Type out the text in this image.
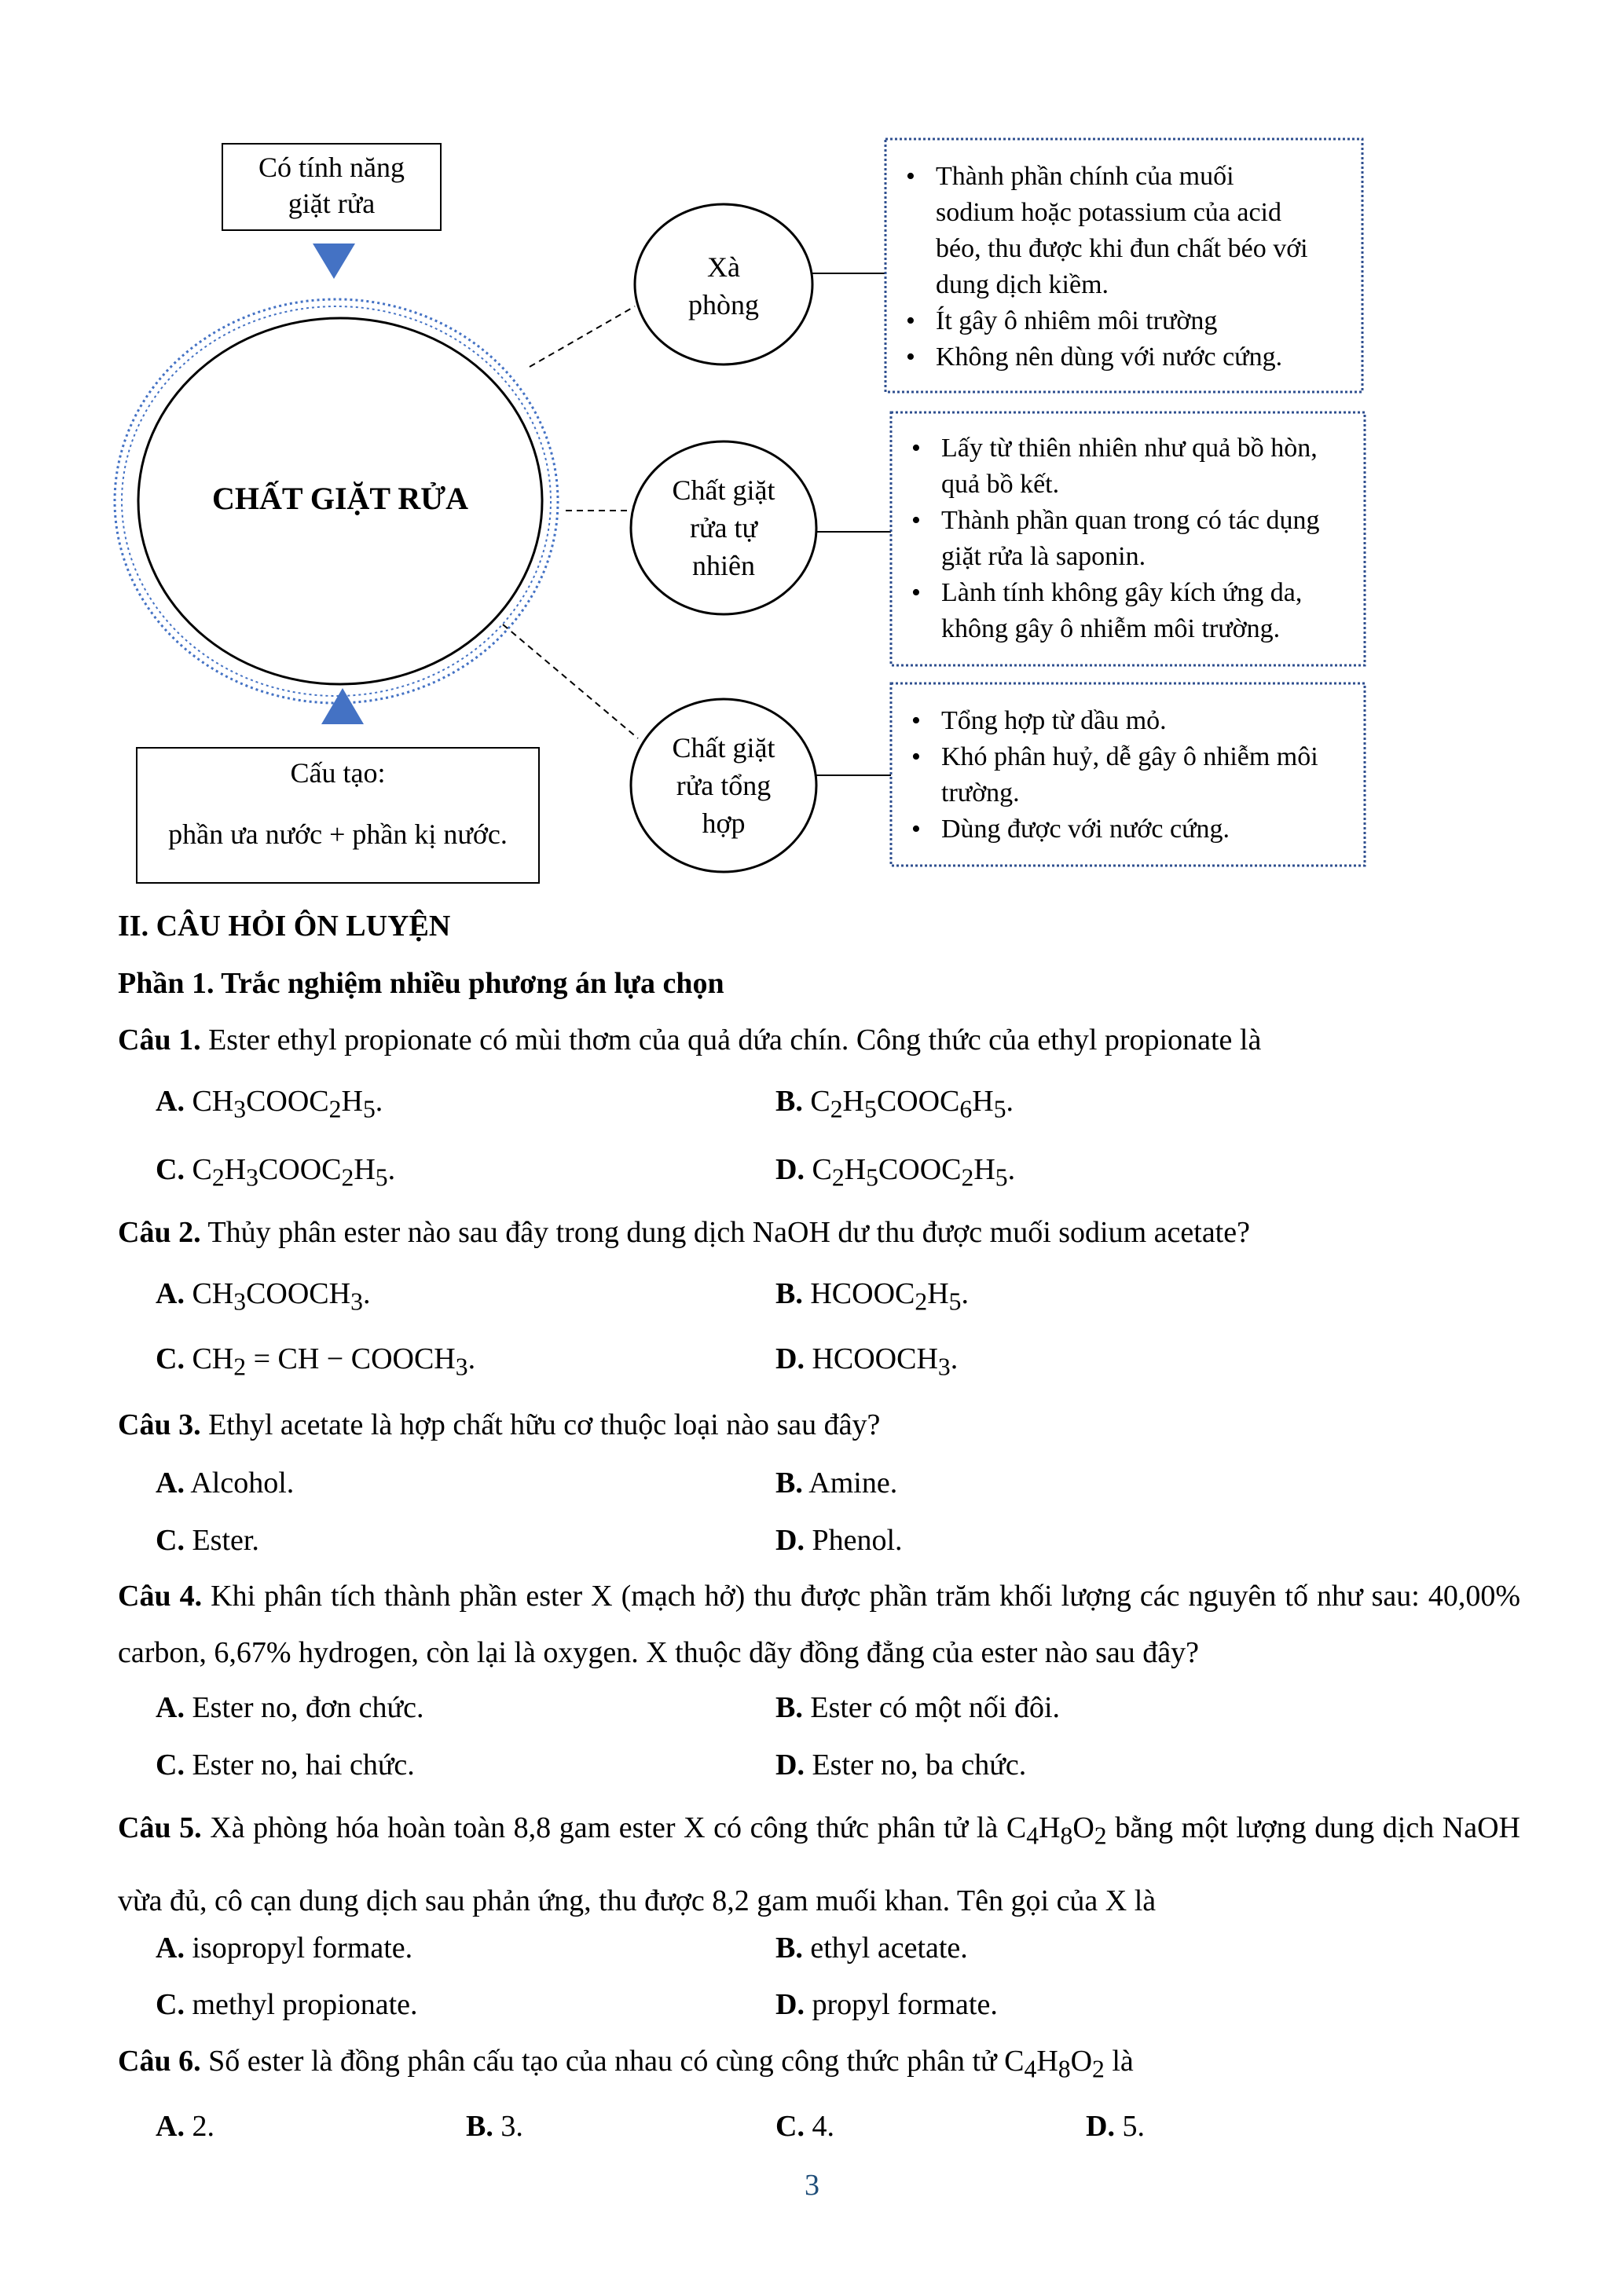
Có tính năng
giặt rửa
CHẤT GIẶT RỬA
Cấu tạo:
phần ưa nước + phần kị nước.
Xà
phòng
Chất giặt
rửa tự
nhiên
Chất giặt
rửa tổng
hợp
• Thành phần chính của muối
sodium hoặc potassium của acid
béo, thu được khi đun chất béo với
dung dịch kiềm.
• Ít gây ô nhiêm môi trường
• Không nên dùng với nước cứng.
• Lấy từ thiên nhiên như quả bồ hòn,
quả bồ kết.
• Thành phần quan trong có tác dụng
giặt rửa là saponin.
• Lành tính không gây kích ứng da,
không gây ô nhiễm môi trường.
• Tổng hợp từ dầu mỏ.
• Khó phân huỷ, dễ gây ô nhiễm môi
trường.
• Dùng được với nước cứng.
II. CÂU HỎI ÔN LUYỆN
Phần 1. Trắc nghiệm nhiều phương án lựa chọn
Câu 1. Ester ethyl propionate có mùi thơm của quả dứa chín. Công thức của ethyl propionate là
A. $CH_3COOC_2H_5$.	B. $C_2H_5COOC_6H_5$.
C. $C_2H_3COOC_2H_5$.	D. $C_2H_5COOC_2H_5$.
Câu 2. Thủy phân ester nào sau đây trong dung dịch NaOH dư thu được muối sodium acetate?
A. $CH_3COOCH_3$.	B. $HCOOC_2H_5$.
C. $CH_2$ = CH − $COOCH_3$.	D. $HCOOCH_3$.
Câu 3. Ethyl acetate là hợp chất hữu cơ thuộc loại nào sau đây?
A. Alcohol.	B. Amine.
C. Ester.	D. Phenol.
Câu 4. Khi phân tích thành phần ester X (mạch hở) thu được phần trăm khối lượng các nguyên tố như sau: 40,00% carbon, 6,67% hydrogen, còn lại là oxygen. X thuộc dãy đồng đẳng của ester nào sau đây?
A. Ester no, đơn chức.	B. Ester có một nối đôi.
C. Ester no, hai chức.	D. Ester no, ba chức.
Câu 5. Xà phòng hóa hoàn toàn 8,8 gam ester X có công thức phân tử là $C_4H_8O_2$ bằng một lượng dung dịch NaOH vừa đủ, cô cạn dung dịch sau phản ứng, thu được 8,2 gam muối khan. Tên gọi của X là
A. isopropyl formate.	B. ethyl acetate.
C. methyl propionate.	D. propyl formate.
Câu 6. Số ester là đồng phân cấu tạo của nhau có cùng công thức phân tử $C_4H_8O_2$ là
A. 2.	B. 3.	C. 4.	D. 5.
3
